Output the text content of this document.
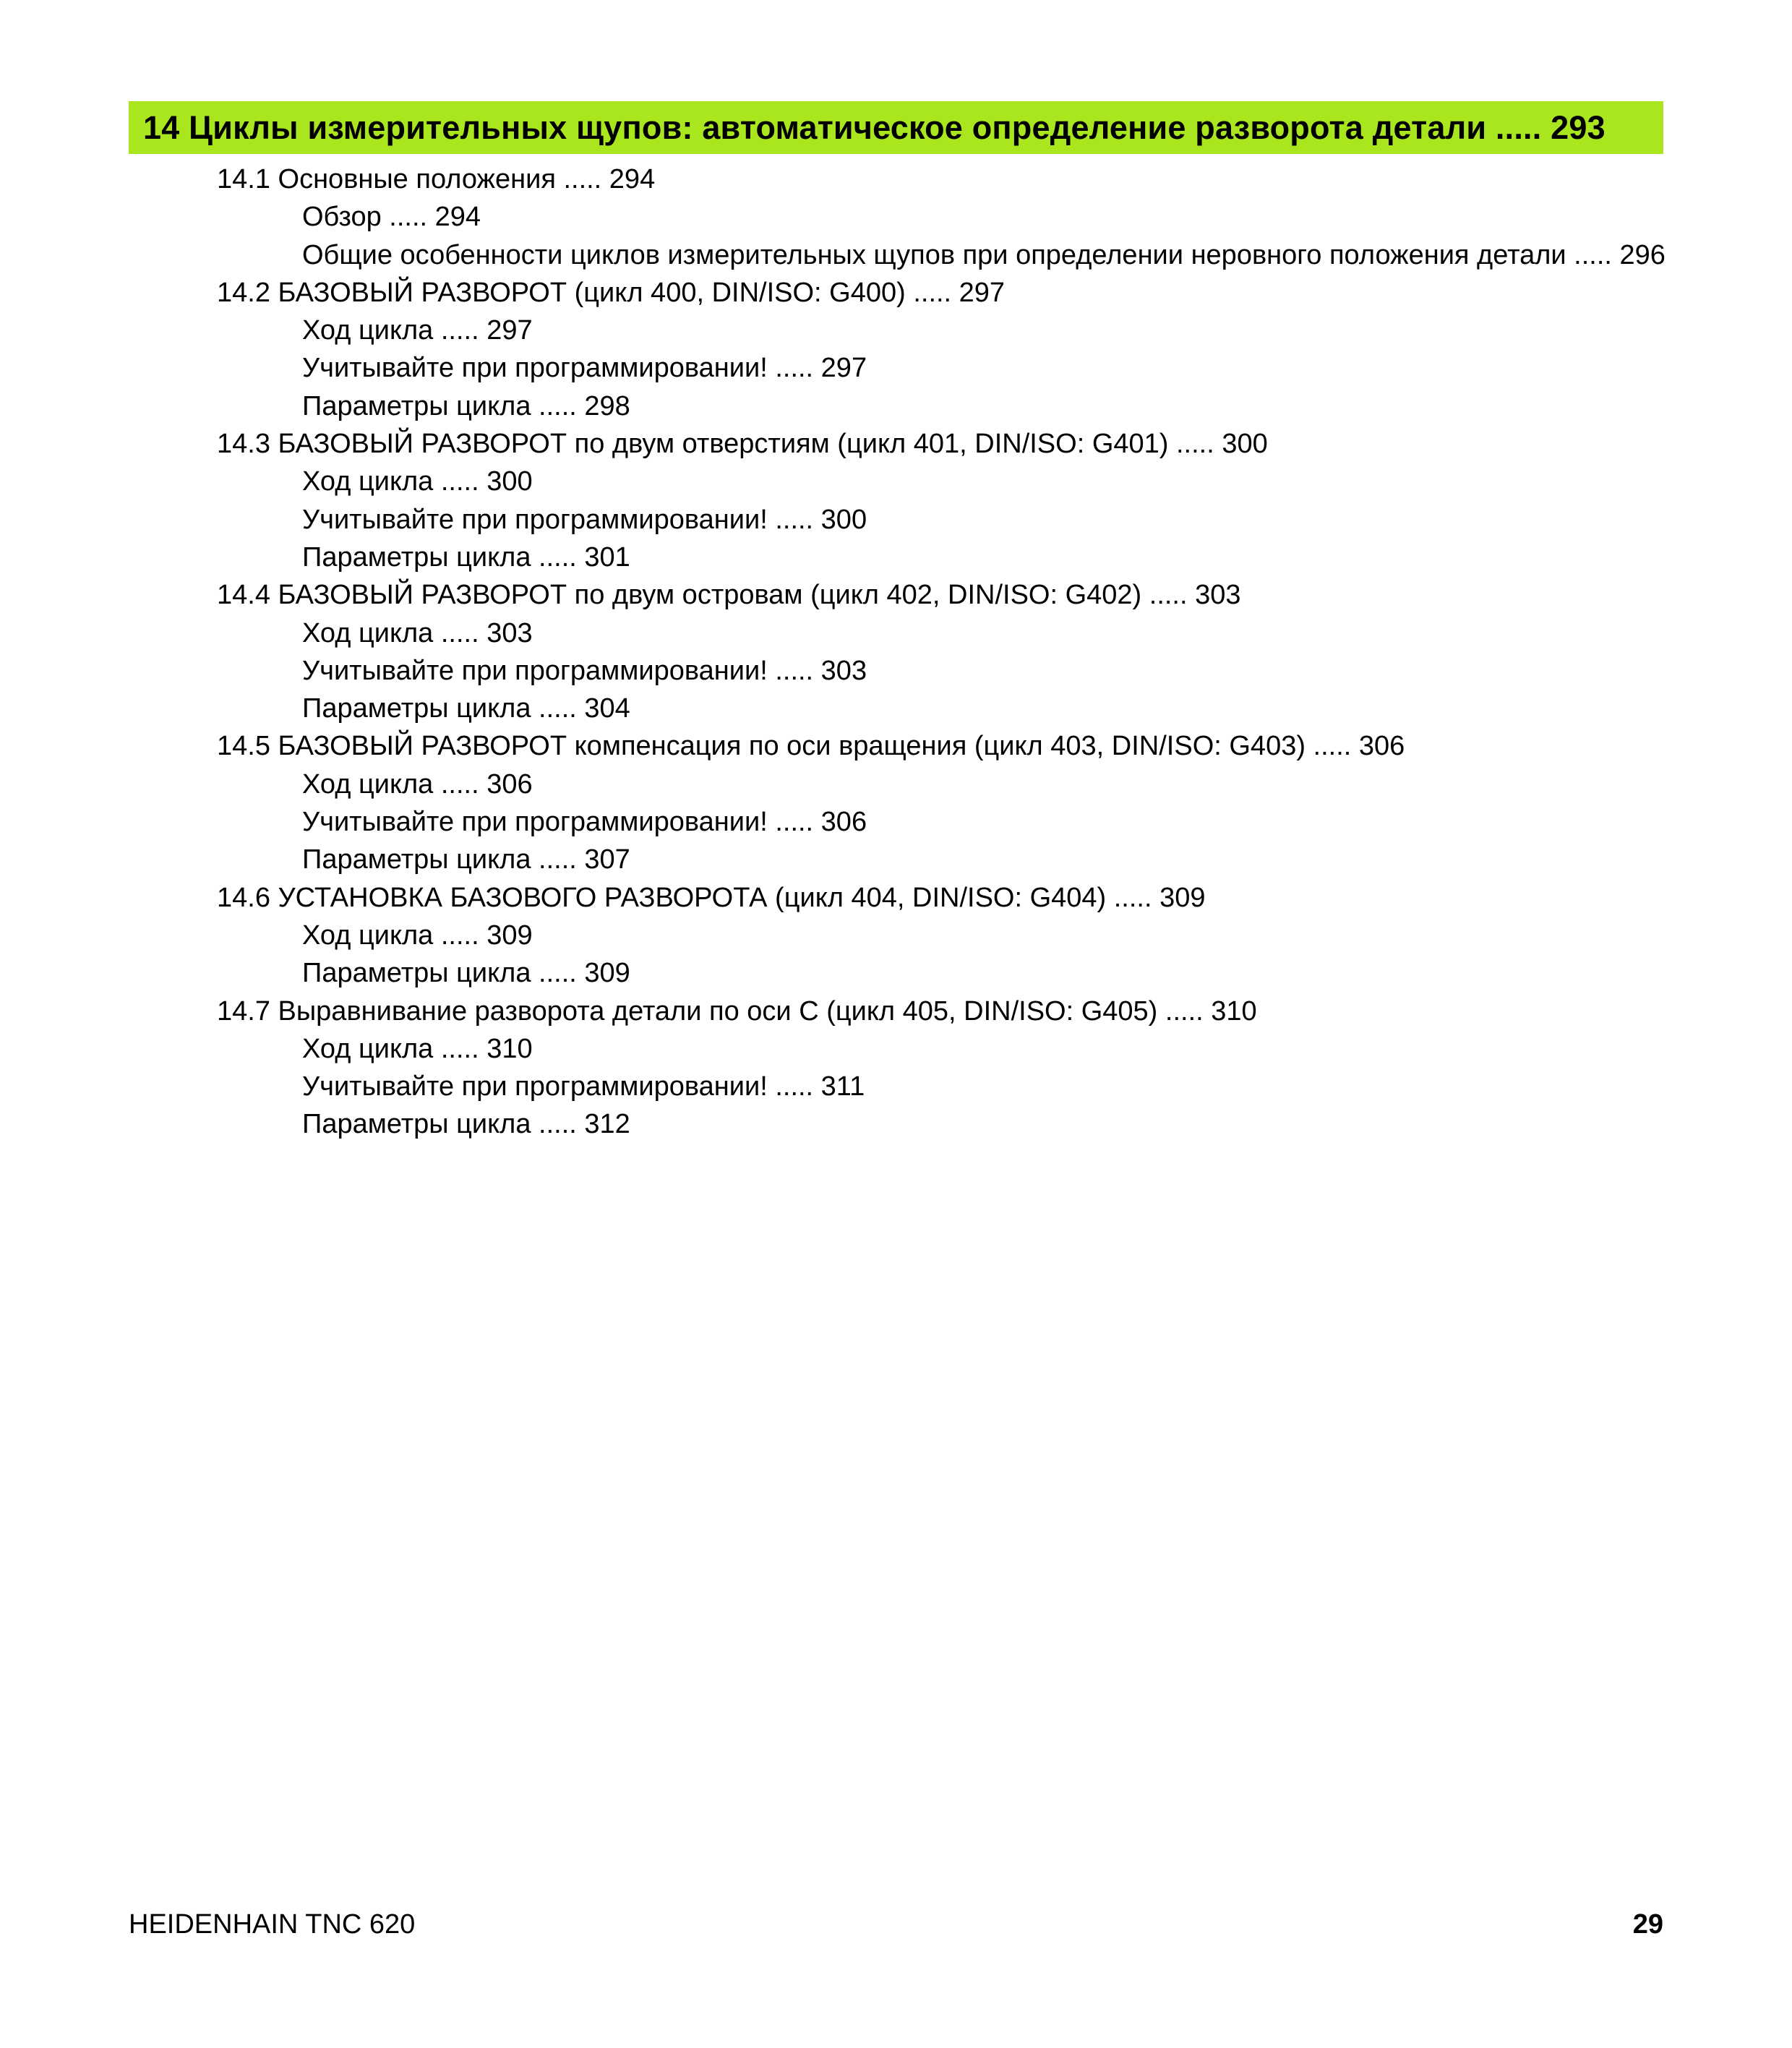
14 Циклы измерительных щупов: автоматическое определение разворота детали ..... 293
14.1 Основные положения ..... 294
Обзор ..... 294
Общие особенности циклов измерительных щупов при определении неровного положения детали ..... 296
14.2 БАЗОВЫЙ РАЗВОРОТ (цикл 400, DIN/ISO: G400) ..... 297
Ход цикла ..... 297
Учитывайте при программировании! ..... 297
Параметры цикла ..... 298
14.3 БАЗОВЫЙ РАЗВОРОТ по двум отверстиям (цикл 401, DIN/ISO: G401) ..... 300
Ход цикла ..... 300
Учитывайте при программировании! ..... 300
Параметры цикла ..... 301
14.4 БАЗОВЫЙ РАЗВОРОТ по двум островам (цикл 402, DIN/ISO: G402) ..... 303
Ход цикла ..... 303
Учитывайте при программировании! ..... 303
Параметры цикла ..... 304
14.5 БАЗОВЫЙ РАЗВОРОТ компенсация по оси вращения (цикл 403, DIN/ISO: G403) ..... 306
Ход цикла ..... 306
Учитывайте при программировании! ..... 306
Параметры цикла ..... 307
14.6 УСТАНОВКА БАЗОВОГО РАЗВОРОТА (цикл 404, DIN/ISO: G404) ..... 309
Ход цикла ..... 309
Параметры цикла ..... 309
14.7 Выравнивание разворота детали по оси C (цикл 405, DIN/ISO: G405) ..... 310
Ход цикла ..... 310
Учитывайте при программировании! ..... 311
Параметры цикла ..... 312
HEIDENHAIN TNC 620	29
